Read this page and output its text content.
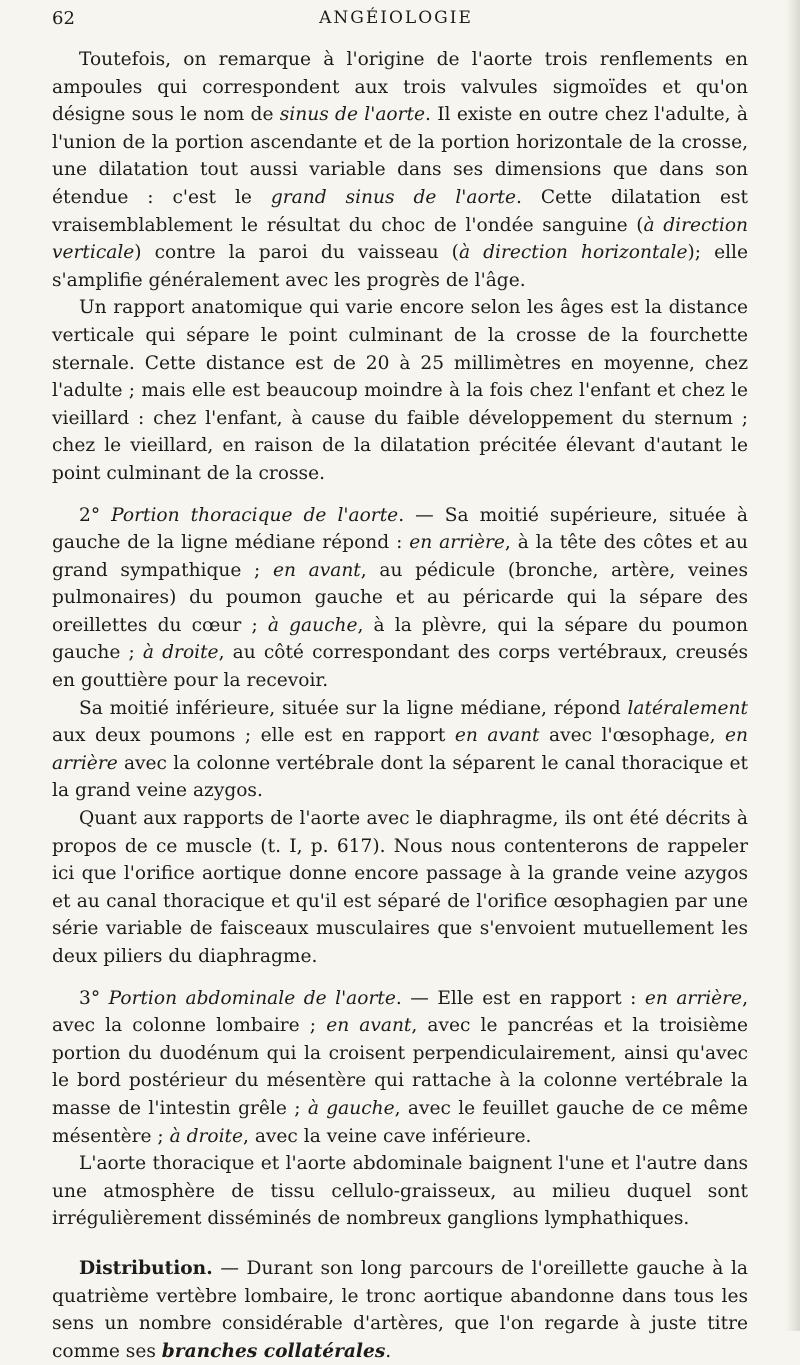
62	ANGÉIOLOGIE

Toutefois, on remarque à l'origine de l'aorte trois renflements en ampoules qui correspondent aux trois valvules sigmoïdes et qu'on désigne sous le nom de sinus de l'aorte. Il existe en outre chez l'adulte, à l'union de la portion ascendante et de la portion horizontale de la crosse, une dilatation tout aussi variable dans ses dimensions que dans son étendue : c'est le grand sinus de l'aorte. Cette dilatation est vraisemblablement le résultat du choc de l'ondée sanguine (à direction verticale) contre la paroi du vaisseau (à direction horizontale); elle s'amplifie généralement avec les progrès de l'âge.

Un rapport anatomique qui varie encore selon les âges est la distance verticale qui sépare le point culminant de la crosse de la fourchette sternale. Cette distance est de 20 à 25 millimètres en moyenne, chez l'adulte ; mais elle est beaucoup moindre à la fois chez l'enfant et chez le vieillard : chez l'enfant, à cause du faible développement du sternum ; chez le vieillard, en raison de la dilatation précitée élevant d'autant le point culminant de la crosse.

2° Portion thoracique de l'aorte. — Sa moitié supérieure, située à gauche de la ligne médiane répond : en arrière, à la tête des côtes et au grand sympathique ; en avant, au pédicule (bronche, artère, veines pulmonaires) du poumon gauche et au péricarde qui la sépare des oreillettes du cœur ; à gauche, à la plèvre, qui la sépare du poumon gauche ; à droite, au côté correspondant des corps vertébraux, creusés en gouttière pour la recevoir.

Sa moitié inférieure, située sur la ligne médiane, répond latéralement aux deux poumons ; elle est en rapport en avant avec l'œsophage, en arrière avec la colonne vertébrale dont la séparent le canal thoracique et la grand veine azygos.

Quant aux rapports de l'aorte avec le diaphragme, ils ont été décrits à propos de ce muscle (t. I, p. 617). Nous nous contenterons de rappeler ici que l'orifice aortique donne encore passage à la grande veine azygos et au canal thoracique et qu'il est séparé de l'orifice œsophagien par une série variable de faisceaux musculaires que s'envoient mutuellement les deux piliers du diaphragme.

3° Portion abdominale de l'aorte. — Elle est en rapport : en arrière, avec la colonne lombaire ; en avant, avec le pancréas et la troisième portion du duodénum qui la croisent perpendiculairement, ainsi qu'avec le bord postérieur du mésentère qui rattache à la colonne vertébrale la masse de l'intestin grêle ; à gauche, avec le feuillet gauche de ce même mésentère ; à droite, avec la veine cave inférieure.

L'aorte thoracique et l'aorte abdominale baignent l'une et l'autre dans une atmosphère de tissu cellulo-graisseux, au milieu duquel sont irrégulièrement disséminés de nombreux ganglions lymphathiques.

Distribution. — Durant son long parcours de l'oreillette gauche à la quatrième vertèbre lombaire, le tronc aortique abandonne dans tous les sens un nombre considérable d'artères, que l'on regarde à juste titre comme ses branches collatérales.
